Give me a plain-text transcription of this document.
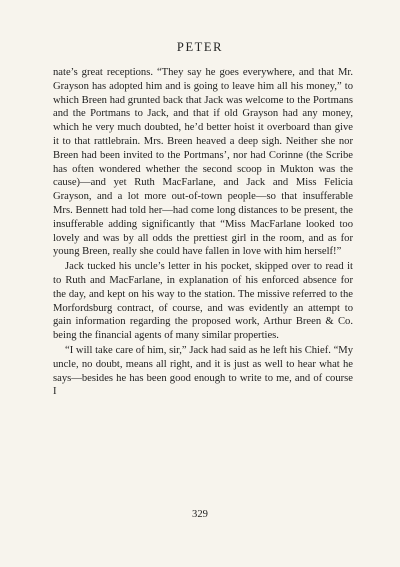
PETER

nate’s great receptions. “They say he goes everywhere, and that Mr. Grayson has adopted him and is going to leave him all his money,” to which Breen had grunted back that Jack was welcome to the Portmans and the Portmans to Jack, and that if old Grayson had any money, which he very much doubted, he’d better hoist it overboard than give it to that rattlebrain. Mrs. Breen heaved a deep sigh. Neither she nor Breen had been invited to the Portmans’, nor had Corinne (the Scribe has often wondered whether the second scoop in Mukton was the cause)—and yet Ruth MacFarlane, and Jack and Miss Felicia Grayson, and a lot more out-of-town people—so that insufferable Mrs. Bennett had told her—had come long distances to be present, the insufferable adding significantly that “Miss MacFarlane looked too lovely and was by all odds the prettiest girl in the room, and as for young Breen, really she could have fallen in love with him herself!”

Jack tucked his uncle’s letter in his pocket, skipped over to read it to Ruth and MacFarlane, in explanation of his enforced absence for the day, and kept on his way to the station. The missive referred to the Morfordsburg contract, of course, and was evidently an attempt to gain information regarding the proposed work, Arthur Breen & Co. being the financial agents of many similar properties.

“I will take care of him, sir,” Jack had said as he left his Chief. “My uncle, no doubt, means all right, and it is just as well to hear what he says—besides he has been good enough to write to me, and of course I

329
